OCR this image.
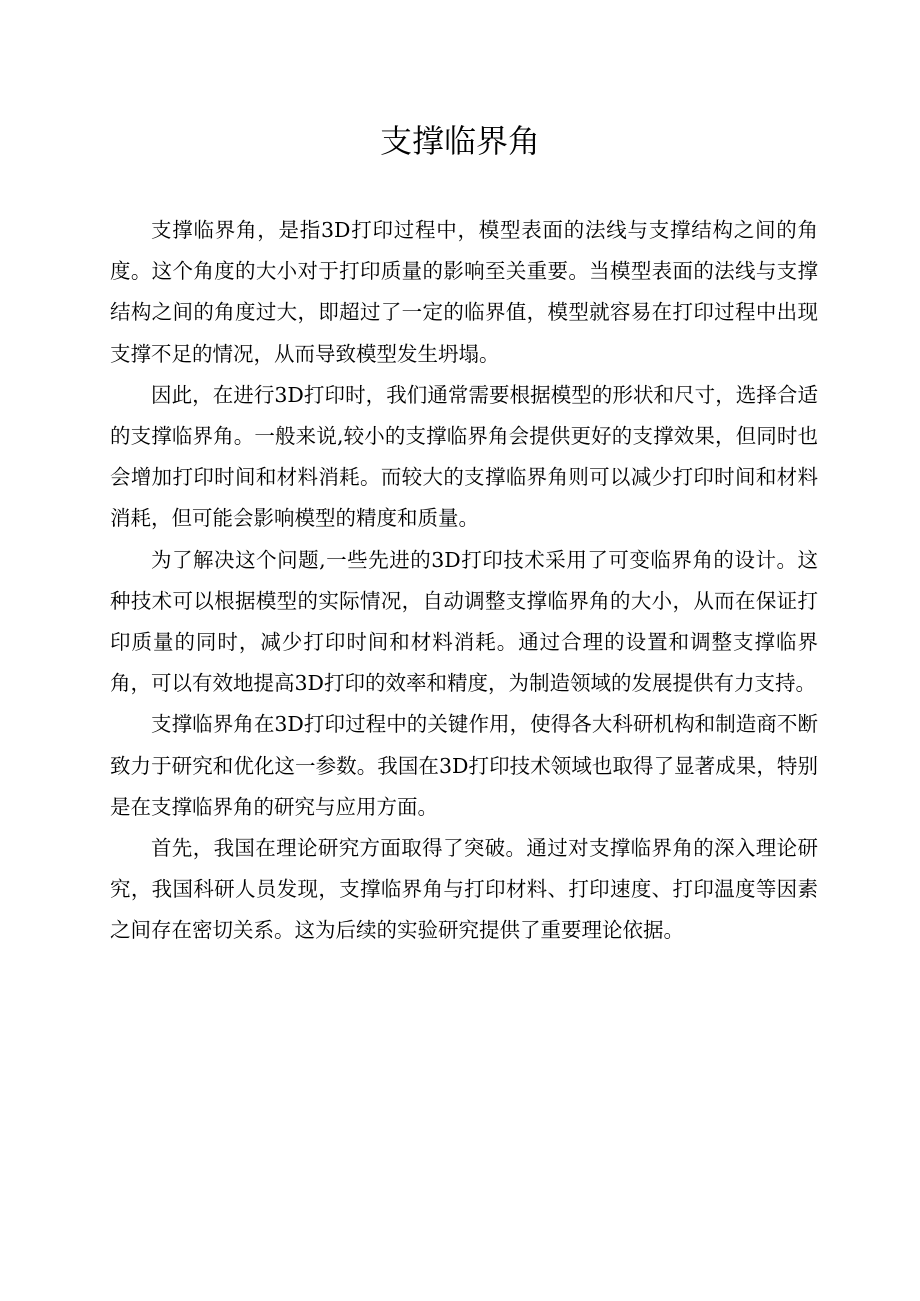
支撑临界角

支撑临界角，是指3D打印过程中，模型表面的法线与支撑结构之间的角度。这个角度的大小对于打印质量的影响至关重要。当模型表面的法线与支撑结构之间的角度过大，即超过了一定的临界值，模型就容易在打印过程中出现支撑不足的情况，从而导致模型发生坍塌。

因此，在进行3D打印时，我们通常需要根据模型的形状和尺寸，选择合适的支撑临界角。一般来说,较小的支撑临界角会提供更好的支撑效果，但同时也会增加打印时间和材料消耗。而较大的支撑临界角则可以减少打印时间和材料消耗，但可能会影响模型的精度和质量。

为了解决这个问题,一些先进的3D打印技术采用了可变临界角的设计。这种技术可以根据模型的实际情况，自动调整支撑临界角的大小，从而在保证打印质量的同时，减少打印时间和材料消耗。通过合理的设置和调整支撑临界角，可以有效地提高3D打印的效率和精度，为制造领域的发展提供有力支持。

支撑临界角在3D打印过程中的关键作用，使得各大科研机构和制造商不断致力于研究和优化这一参数。我国在3D打印技术领域也取得了显著成果，特别是在支撑临界角的研究与应用方面。

首先，我国在理论研究方面取得了突破。通过对支撑临界角的深入理论研究，我国科研人员发现，支撑临界角与打印材料、打印速度、打印温度等因素之间存在密切关系。这为后续的实验研究提供了重要理论依据。
